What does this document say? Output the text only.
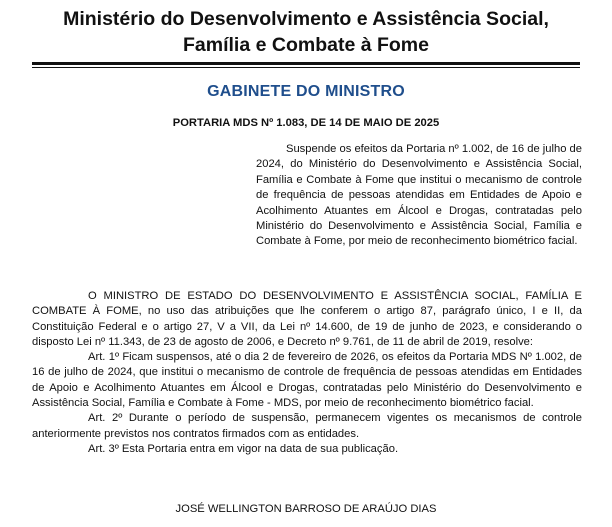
Ministério do Desenvolvimento e Assistência Social,
Família e Combate à Fome
GABINETE DO MINISTRO
PORTARIA MDS Nº 1.083, DE 14 DE MAIO DE 2025

Suspende os efeitos da Portaria nº 1.002, de 16 de julho de 2024, do Ministério do Desenvolvimento e Assistência Social, Família e Combate à Fome que institui o mecanismo de controle de frequência de pessoas atendidas em Entidades de Apoio e Acolhimento Atuantes em Álcool e Drogas, contratadas pelo Ministério do Desenvolvimento e Assistência Social, Família e Combate à Fome, por meio de reconhecimento biométrico facial.

O MINISTRO DE ESTADO DO DESENVOLVIMENTO E ASSISTÊNCIA SOCIAL, FAMÍLIA E COMBATE À FOME, no uso das atribuições que lhe conferem o artigo 87, parágrafo único, I e II, da Constituição Federal e o artigo 27, V a VII, da Lei nº 14.600, de 19 de junho de 2023, e considerando o disposto Lei nº 11.343, de 23 de agosto de 2006, e Decreto nº 9.761, de 11 de abril de 2019, resolve:

Art. 1º Ficam suspensos, até o dia 2 de fevereiro de 2026, os efeitos da Portaria MDS Nº 1.002, de 16 de julho de 2024, que institui o mecanismo de controle de frequência de pessoas atendidas em Entidades de Apoio e Acolhimento Atuantes em Álcool e Drogas, contratadas pelo Ministério do Desenvolvimento e Assistência Social, Família e Combate à Fome - MDS, por meio de reconhecimento biométrico facial.

Art. 2º Durante o período de suspensão, permanecem vigentes os mecanismos de controle anteriormente previstos nos contratos firmados com as entidades.

Art. 3º Esta Portaria entra em vigor na data de sua publicação.

JOSÉ WELLINGTON BARROSO DE ARAÚJO DIAS
